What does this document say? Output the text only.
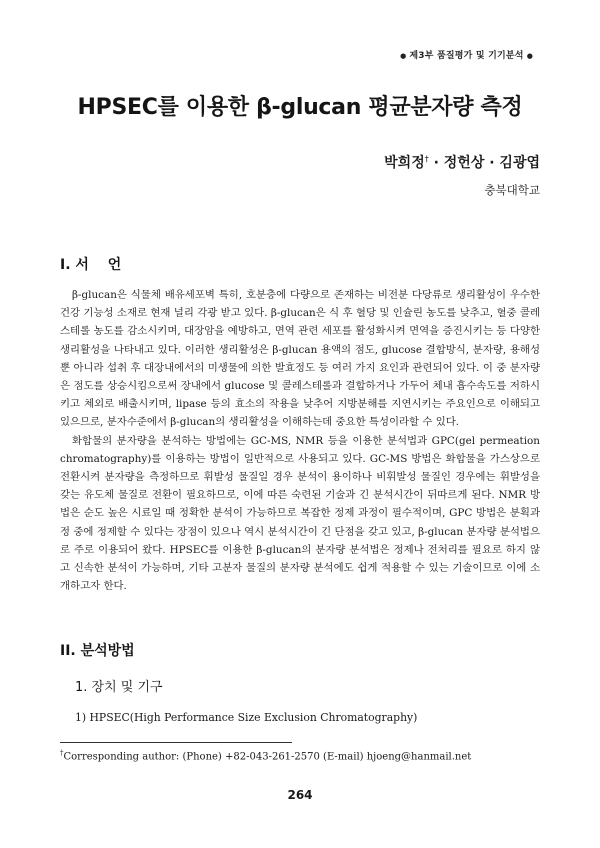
● 제3부 품질평가 및 기기분석 ●
HPSEC를 이용한 β-glucan 평균분자량 측정
박희정† · 정헌상 · 김광엽
충북대학교
I. 서　 언

β-glucan은 식물체 배유세포벽 특히, 호분층에 다량으로 존재하는 비전분 다당류로 생리활성이 우수한 건강 기능성 소재로 현재 널리 각광 받고 있다. β-glucan은 식 후 혈당 및 인슐린 농도를 낮추고, 혈중 콜레스테롤 농도를 감소시키며, 대장암을 예방하고, 면역 관련 세포를 활성화시켜 면역을 증진시키는 등 다양한 생리활성을 나타내고 있다. 이러한 생리활성은 β-glucan 용액의 점도, glucose 결합방식, 분자량, 용해성 뿐 아니라 섭취 후 대장내에서의 미생물에 의한 발효정도 등 여러 가지 요인과 관련되어 있다. 이 중 분자량은 점도를 상승시킴으로써 장내에서 glucose 및 콜레스테롤과 결합하거나 가두어 체내 흡수속도를 저하시키고 체외로 배출시키며, lipase 등의 효소의 작용을 낮추어 지방분해를 지연시키는 주요인으로 이해되고 있으므로, 분자수준에서 β-glucan의 생리활성을 이해하는데 중요한 특성이라할 수 있다.

화합물의 분자량을 분석하는 방법에는 GC-MS, NMR 등을 이용한 분석법과 GPC(gel permeation chromatography)를 이용하는 방법이 일반적으로 사용되고 있다. GC-MS 방법은 화합물을 가스상으로 전환시켜 분자량을 측정하므로 휘발성 물질일 경우 분석이 용이하나 비휘발성 물질인 경우에는 휘발성을 갖는 유도체 물질로 전환이 필요하므로, 이에 따른 숙련된 기술과 긴 분석시간이 뒤따르게 된다. NMR 방법은 순도 높은 시료일 때 정확한 분석이 가능하므로 복잡한 정제 과정이 필수적이며, GPC 방법은 분획과정 중에 정제할 수 있다는 장점이 있으나 역시 분석시간이 긴 단점을 갖고 있고, β-glucan 분자량 분석법으로 주로 이용되어 왔다. HPSEC를 이용한 β-glucan의 분자량 분석법은 정제나 전처리를 필요로 하지 않고 신속한 분석이 가능하며, 기타 고분자 물질의 분자량 분석에도 쉽게 적용할 수 있는 기술이므로 이에 소개하고자 한다.

II. 분석방법
1. 장치 및 기구
1) HPSEC(High Performance Size Exclusion Chromatography)
†Corresponding author: (Phone) +82-043-261-2570 (E-mail) hjoeng@hanmail.net
264
